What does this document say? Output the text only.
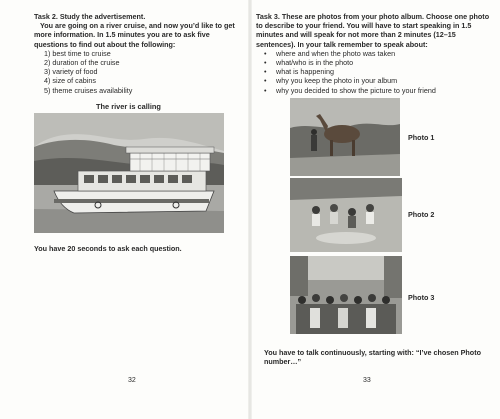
Task 2. Study the advertisement.
You are going on a river cruise, and now you’d like to get more information. In 1.5 minutes you are to ask five questions to find out about the following:
1) best time to cruise
2) duration of the cruise
3) variety of food
4) size of cabins
5) theme cruises availability
The river is calling
You have 20 seconds to ask each question.
32
Task 3. These are photos from your photo album. Choose one photo to describe to your friend. You will have to start speaking in 1.5 minutes and will speak for not more than 2 minutes (12–15 sentences). In your talk remember to speak about:
• where and when the photo was taken
• what/who is in the photo
• what is happening
• why you keep the photo in your album
• why you decided to show the picture to your friend
Photo 1
Photo 2
Photo 3
You have to talk continuously, starting with: “I’ve chosen Photo number…”
33
